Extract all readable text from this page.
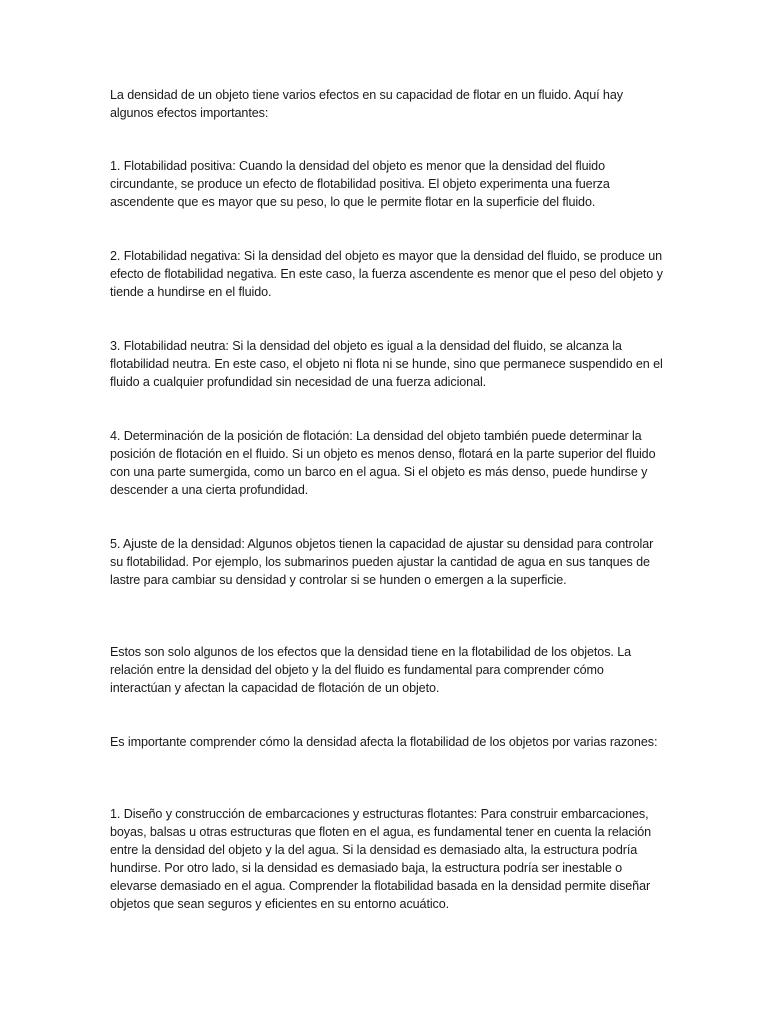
La densidad de un objeto tiene varios efectos en su capacidad de flotar en un fluido. Aquí hay algunos efectos importantes:

1. Flotabilidad positiva: Cuando la densidad del objeto es menor que la densidad del fluido circundante, se produce un efecto de flotabilidad positiva. El objeto experimenta una fuerza ascendente que es mayor que su peso, lo que le permite flotar en la superficie del fluido.

2. Flotabilidad negativa: Si la densidad del objeto es mayor que la densidad del fluido, se produce un efecto de flotabilidad negativa. En este caso, la fuerza ascendente es menor que el peso del objeto y tiende a hundirse en el fluido.

3. Flotabilidad neutra: Si la densidad del objeto es igual a la densidad del fluido, se alcanza la flotabilidad neutra. En este caso, el objeto ni flota ni se hunde, sino que permanece suspendido en el fluido a cualquier profundidad sin necesidad de una fuerza adicional.

4. Determinación de la posición de flotación: La densidad del objeto también puede determinar la posición de flotación en el fluido. Si un objeto es menos denso, flotará en la parte superior del fluido con una parte sumergida, como un barco en el agua. Si el objeto es más denso, puede hundirse y descender a una cierta profundidad.

5. Ajuste de la densidad: Algunos objetos tienen la capacidad de ajustar su densidad para controlar su flotabilidad. Por ejemplo, los submarinos pueden ajustar la cantidad de agua en sus tanques de lastre para cambiar su densidad y controlar si se hunden o emergen a la superficie.

Estos son solo algunos de los efectos que la densidad tiene en la flotabilidad de los objetos. La relación entre la densidad del objeto y la del fluido es fundamental para comprender cómo interactúan y afectan la capacidad de flotación de un objeto.

Es importante comprender cómo la densidad afecta la flotabilidad de los objetos por varias razones:

1. Diseño y construcción de embarcaciones y estructuras flotantes: Para construir embarcaciones, boyas, balsas u otras estructuras que floten en el agua, es fundamental tener en cuenta la relación entre la densidad del objeto y la del agua. Si la densidad es demasiado alta, la estructura podría hundirse. Por otro lado, si la densidad es demasiado baja, la estructura podría ser inestable o elevarse demasiado en el agua. Comprender la flotabilidad basada en la densidad permite diseñar objetos que sean seguros y eficientes en su entorno acuático.
